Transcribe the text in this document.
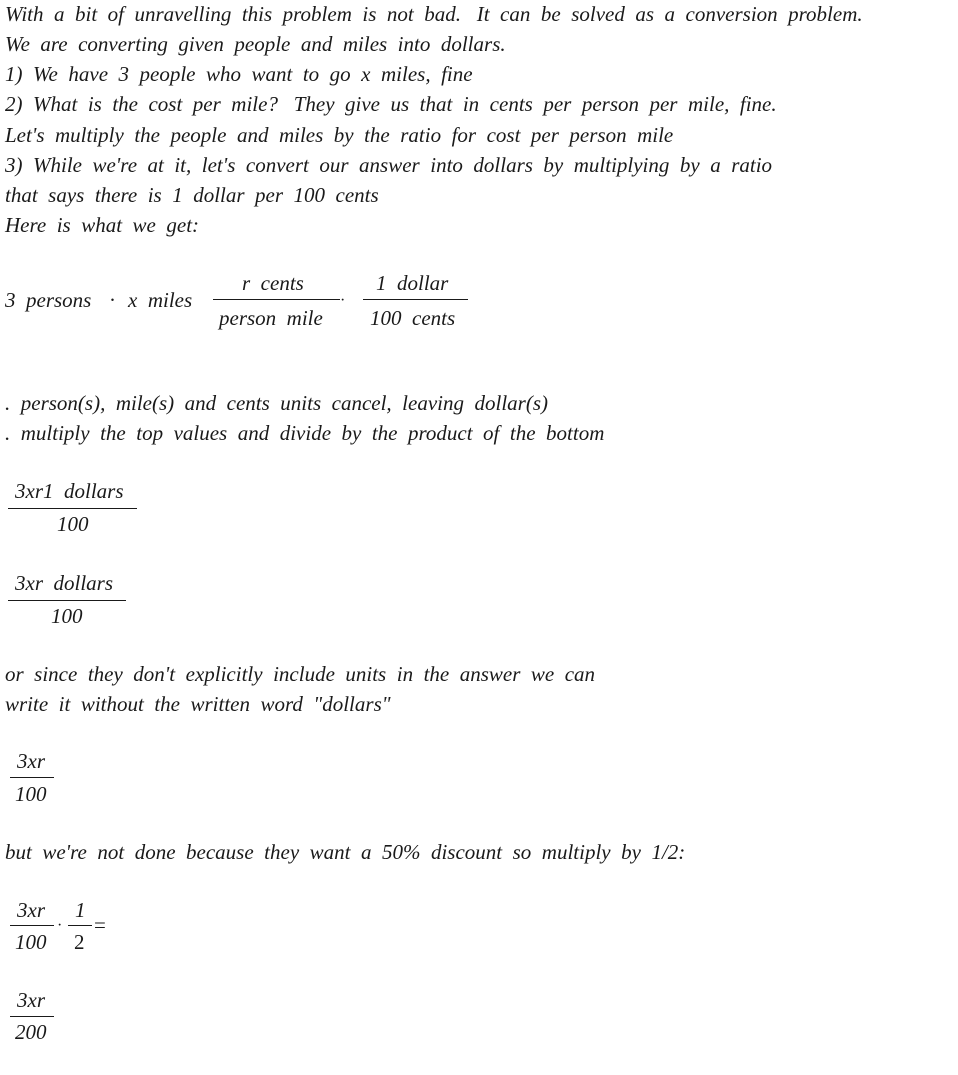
With  a  bit  of  unravelling  this  problem  is  not  bad.   It  can  be  solved  as  a  conversion  problem.
We  are  converting  given  people  and  miles  into  dollars.
1)  We  have  3  people  who  want  to  go  x  miles,  fine
2)  What  is  the  cost  per  mile?   They  give  us  that  in  cents  per  person  per  mile,  fine.
Let's  multiply  the  people  and  miles  by  the  ratio  for  cost  per  person  mile
3)  While  we're  at  it,  let's  convert  our  answer  into  dollars  by  multiplying  by  a  ratio
that  says  there  is  1  dollar  per  100  cents
Here  is  what  we  get:
3  persons · x  miles
r  cents
person  mile
·
1  dollar
100  cents
.  person(s),  mile(s)  and  cents  units  cancel,  leaving  dollar(s)
.  multiply  the  top  values  and  divide  by  the  product  of  the  bottom
3xr1  dollars
100
3xr  dollars
100
or  since  they  don't  explicitly  include  units  in  the  answer  we  can
write  it  without  the  written  word  "dollars"
3xr
100
but  we're  not  done  because  they  want  a  50%  discount  so  multiply  by  1/2:
3xr
100
·
1
2
=
3xr
200
